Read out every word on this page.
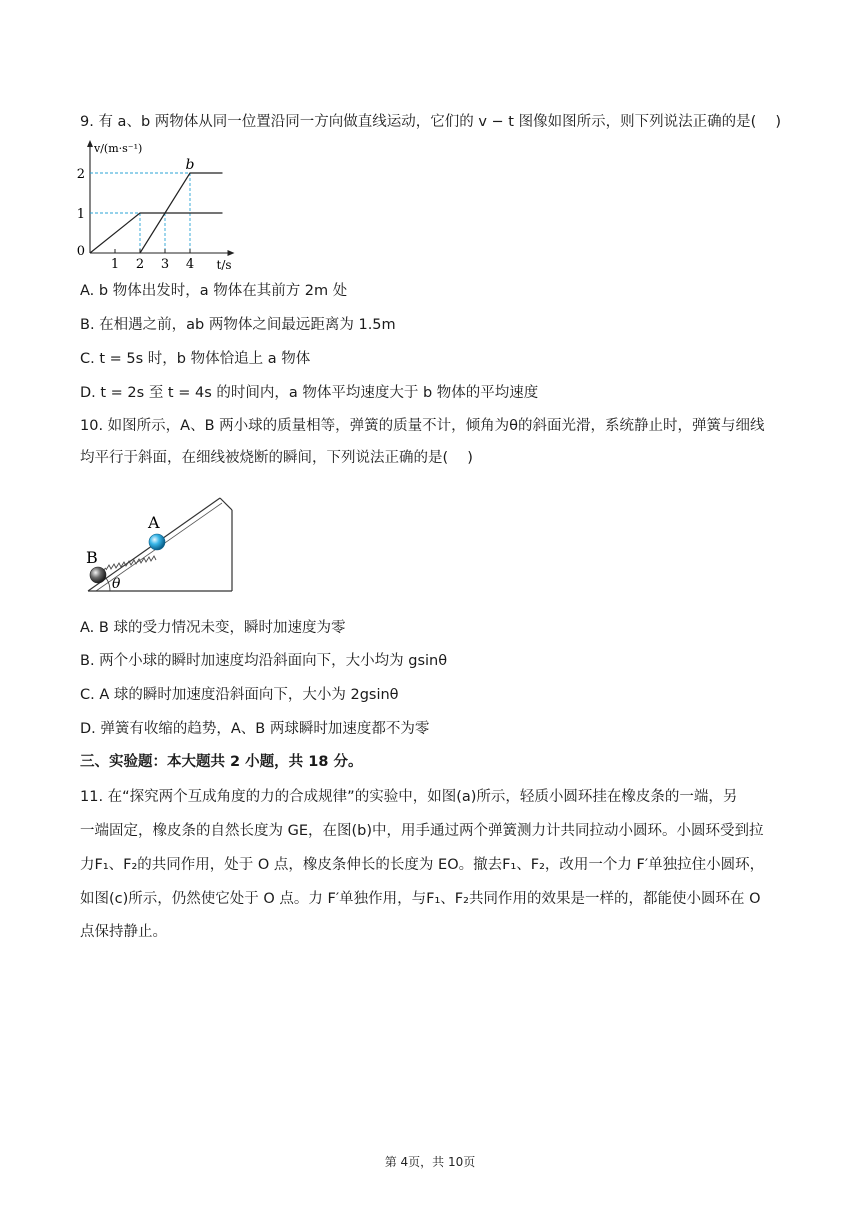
9. 有 a、b 两物体从同一位置沿同一方向做直线运动，它们的 v − t 图像如图所示，则下列说法正确的是(　 )
1 2 3 4
0
1
2
b
v/(m·s⁻¹)
t/s
A. b 物体出发时，a 物体在其前方 2m 处
B. 在相遇之前，ab 两物体之间最远距离为 1.5m
C. t = 5s 时，b 物体恰追上 a 物体
D. t = 2s 至 t = 4s 的时间内，a 物体平均速度大于 b 物体的平均速度
10. 如图所示，A、B 两小球的质量相等，弹簧的质量不计，倾角为θ的斜面光滑，系统静止时，弹簧与细线
均平行于斜面，在细线被烧断的瞬间，下列说法正确的是(　 )
B
A
θ
A. B 球的受力情况未变，瞬时加速度为零
B. 两个小球的瞬时加速度均沿斜面向下，大小均为 gsinθ
C. A 球的瞬时加速度沿斜面向下，大小为 2gsinθ
D. 弹簧有收缩的趋势，A、B 两球瞬时加速度都不为零
三、实验题：本大题共 2 小题，共 18 分。
11. 在“探究两个互成角度的力的合成规律”的实验中，如图(a)所示，轻质小圆环挂在橡皮条的一端，另
一端固定，橡皮条的自然长度为 GE，在图(b)中，用手通过两个弹簧测力计共同拉动小圆环。小圆环受到拉
力F₁、F₂的共同作用，处于 O 点，橡皮条伸长的长度为 EO。撤去F₁、F₂，改用一个力 F′单独拉住小圆环，
如图(c)所示，仍然使它处于 O 点。力 F′单独作用，与F₁、F₂共同作用的效果是一样的，都能使小圆环在 O
点保持静止。
第 4页，共 10页
